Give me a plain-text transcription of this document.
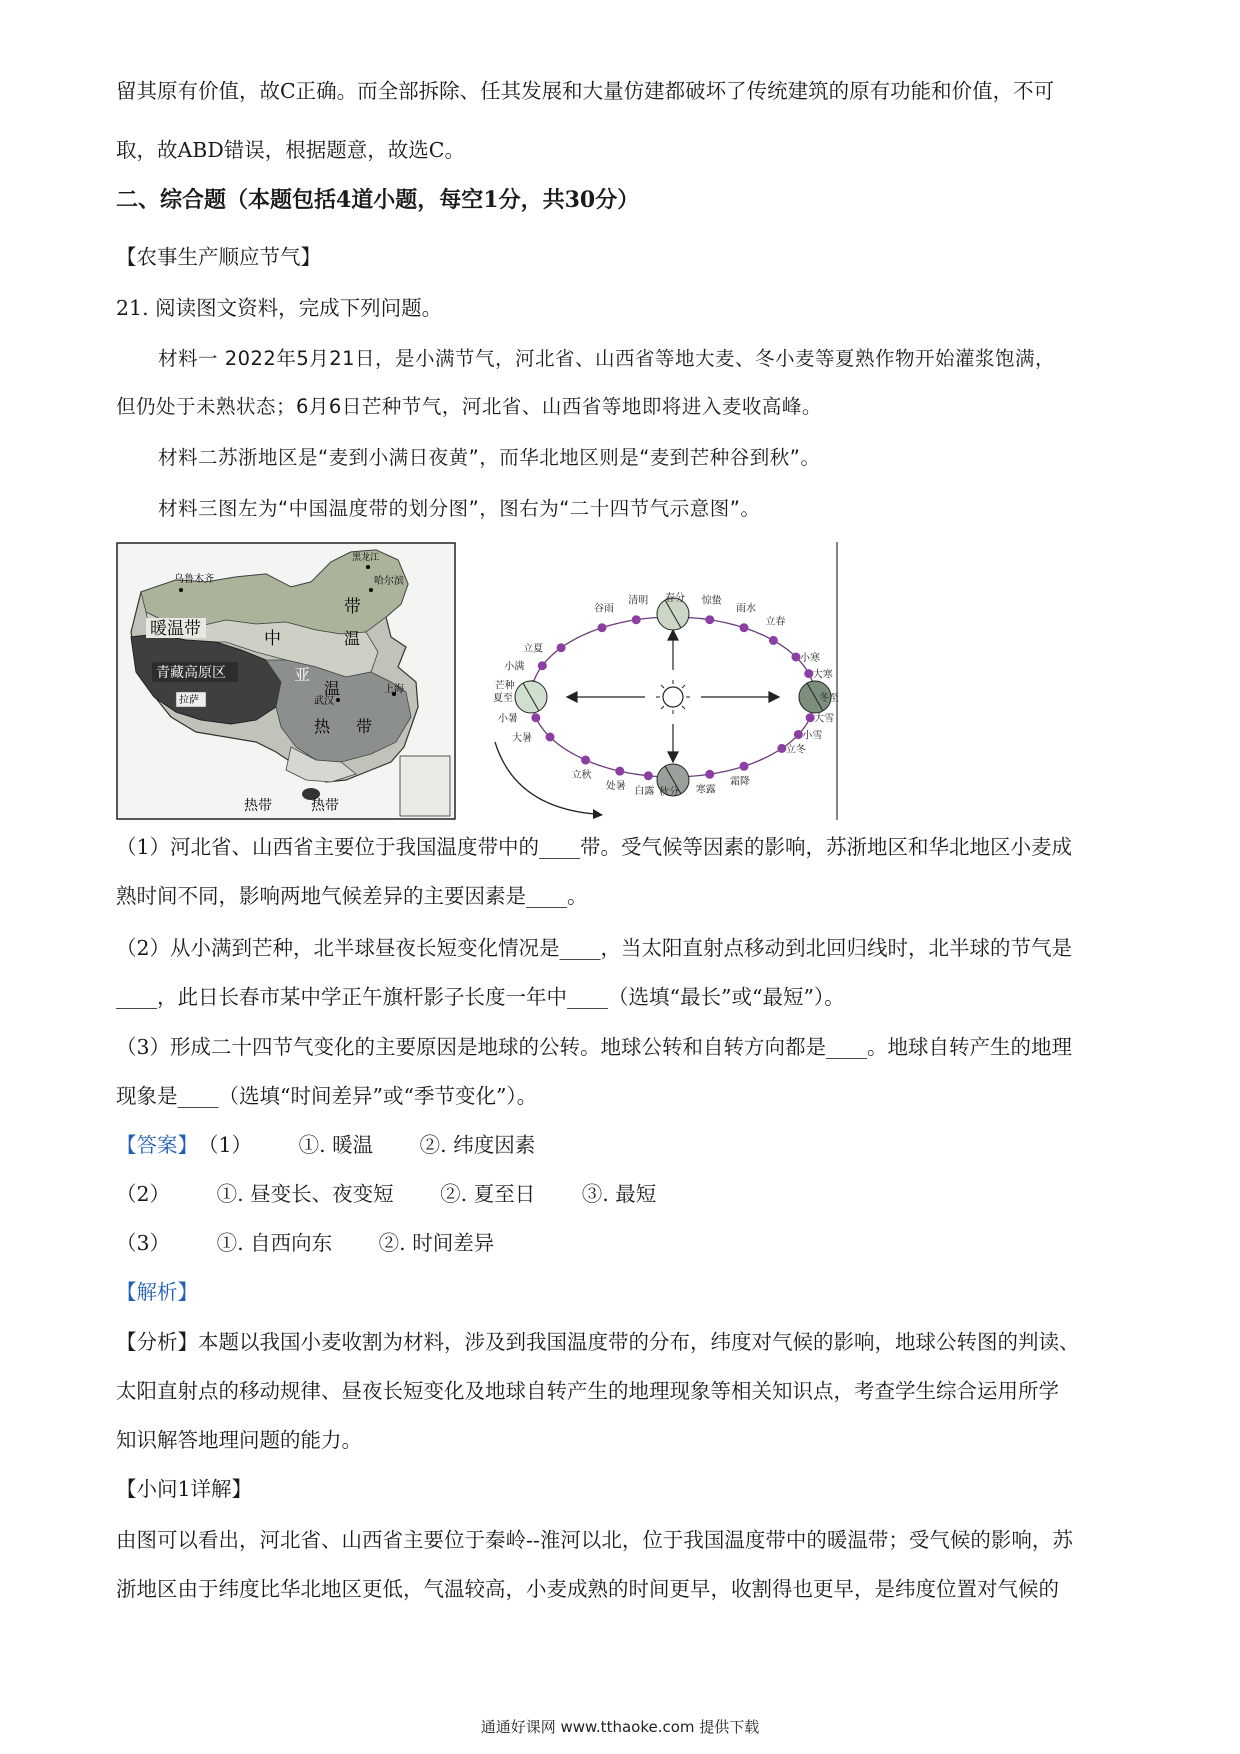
留其原有价值，故C正确。而全部拆除、任其发展和大量仿建都破坏了传统建筑的原有功能和价值，不可
取，故ABD错误，根据题意，故选C。
二、综合题（本题包括4道小题，每空1分，共30分）
【农事生产顺应节气】
21. 阅读图文资料，完成下列问题。
材料一 2022年5月21日，是小满节气，河北省、山西省等地大麦、冬小麦等夏熟作物开始灌浆饱满，
但仍处于未熟状态；6月6日芒种节气，河北省、山西省等地即将进入麦收高峰。
材料二苏浙地区是“麦到小满日夜黄”，而华北地区则是“麦到芒种谷到秋”。
材料三图左为“中国温度带的划分图”，图右为“二十四节气示意图”。
黑龙江
哈尔滨
乌鲁木齐
暖温带
带
中	温
青藏高原区
拉萨
亚
温
武汉
上海
热 带
热带	热带
谷雨
清明 春分 惊蛰
雨水
立春
立夏
小满
芒种
夏至
小暑
大暑
小寒
大寒
冬至
大雪
小雪
立冬
立秋
处暑 白露 秋分 寒露
霜降
（1）河北省、山西省主要位于我国温度带中的____带。受气候等因素的影响，苏浙地区和华北地区小麦成
熟时间不同，影响两地气候差异的主要因素是____。
（2）从小满到芒种，北半球昼夜长短变化情况是____，当太阳直射点移动到北回归线时，北半球的节气是
____，此日长春市某中学正午旗杆影子长度一年中____（选填“最长”或“最短”）。
（3）形成二十四节气变化的主要原因是地球的公转。地球公转和自转方向都是____。地球自转产生的地理
现象是____（选填“时间差异”或“季节变化”）。
【答案】（1） ①. 暖温 ②. 纬度因素
（2） ①. 昼变长、夜变短 ②. 夏至日 ③. 最短
（3） ①. 自西向东 ②. 时间差异
【解析】
【分析】本题以我国小麦收割为材料，涉及到我国温度带的分布，纬度对气候的影响，地球公转图的判读、
太阳直射点的移动规律、昼夜长短变化及地球自转产生的地理现象等相关知识点，考查学生综合运用所学
知识解答地理问题的能力。
【小问1详解】
由图可以看出，河北省、山西省主要位于秦岭--淮河以北，位于我国温度带中的暖温带；受气候的影响，苏
浙地区由于纬度比华北地区更低，气温较高，小麦成熟的时间更早，收割得也更早，是纬度位置对气候的
通通好课网 www.tthaoke.com 提供下载
